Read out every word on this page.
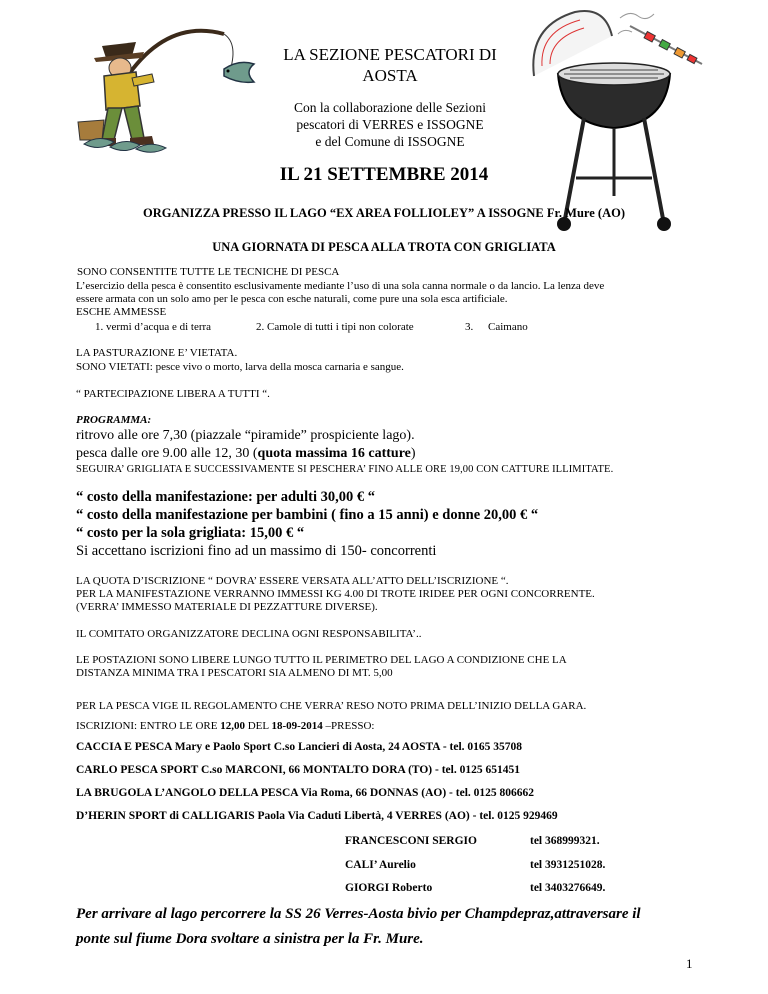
LA SEZIONE PESCATORI DI
AOSTA
Con la collaborazione delle Sezioni
pescatori di VERRES e ISSOGNE
e del Comune di ISSOGNE
IL 21 SETTEMBRE 2014
ORGANIZZA PRESSO IL LAGO “EX AREA FOLLIOLEY” A ISSOGNE Fr. Mure (AO)
UNA GIORNATA DI PESCA ALLA TROTA CON GRIGLIATA
SONO CONSENTITE TUTTE LE TECNICHE DI PESCA
L’esercizio della pesca è consentito esclusivamente mediante l’uso di una sola canna normale o da lancio. La lenza deve
essere armata con un solo amo per le pesca con esche naturali, come pure una sola esca artificiale.
ESCHE AMMESSE
1. vermi d’acqua e di terra	2. Camole di tutti i tipi non colorate	3. Caimano
LA PASTURAZIONE E’ VIETATA.
SONO VIETATI: pesce vivo o morto, larva della mosca carnaria e sangue.
“ PARTECIPAZIONE LIBERA A TUTTI “.
PROGRAMMA:
ritrovo alle ore 7,30 (piazzale “piramide” prospiciente lago).
pesca dalle ore 9.00 alle 12, 30 (quota massima 16 catture)
SEGUIRA’ GRIGLIATA E SUCCESSIVAMENTE SI PESCHERA’ FINO ALLE ORE 19,00 CON CATTURE ILLIMITATE.
“ costo della manifestazione: per adulti 30,00 € “
“ costo della manifestazione per bambini ( fino a 15 anni) e donne 20,00 € “
“ costo per la sola grigliata: 15,00 € “
Si accettano iscrizioni fino ad un massimo di 150- concorrenti
LA QUOTA D’ISCRIZIONE “ DOVRA’ ESSERE VERSATA ALL’ATTO DELL’ISCRIZIONE “.
PER LA MANIFESTAZIONE VERRANNO IMMESSI KG 4.00 DI TROTE IRIDEE PER OGNI CONCORRENTE.
(VERRA’ IMMESSO MATERIALE DI PEZZATTURE DIVERSE).
IL COMITATO ORGANIZZATORE DECLINA OGNI RESPONSABILITA’..
LE POSTAZIONI SONO LIBERE LUNGO TUTTO IL PERIMETRO DEL LAGO A CONDIZIONE CHE LA
DISTANZA MINIMA TRA I PESCATORI SIA ALMENO DI MT. 5,00
PER LA PESCA VIGE IL REGOLAMENTO CHE VERRA’ RESO NOTO PRIMA DELL’INIZIO DELLA GARA.
ISCRIZIONI: ENTRO LE ORE 12,00 DEL 18-09-2014 –PRESSO:
CACCIA E PESCA Mary e Paolo Sport C.so Lancieri di Aosta, 24 AOSTA - tel. 0165 35708
CARLO PESCA SPORT C.so MARCONI, 66 MONTALTO DORA (TO) - tel. 0125 651451
LA BRUGOLA L’ANGOLO DELLA PESCA Via Roma, 66 DONNAS (AO) - tel. 0125 806662
D’HERIN SPORT di CALLIGARIS Paola Via Caduti Libertà, 4 VERRES (AO) - tel. 0125 929469
FRANCESCONI SERGIO	tel 368999321.
CALI’ Aurelio	tel 3931251028.
GIORGI Roberto	tel 3403276649.
Per arrivare al lago percorrere la SS 26 Verres-Aosta bivio per Champdepraz,attraversare il
ponte sul fiume Dora svoltare a sinistra per la Fr. Mure.
1
